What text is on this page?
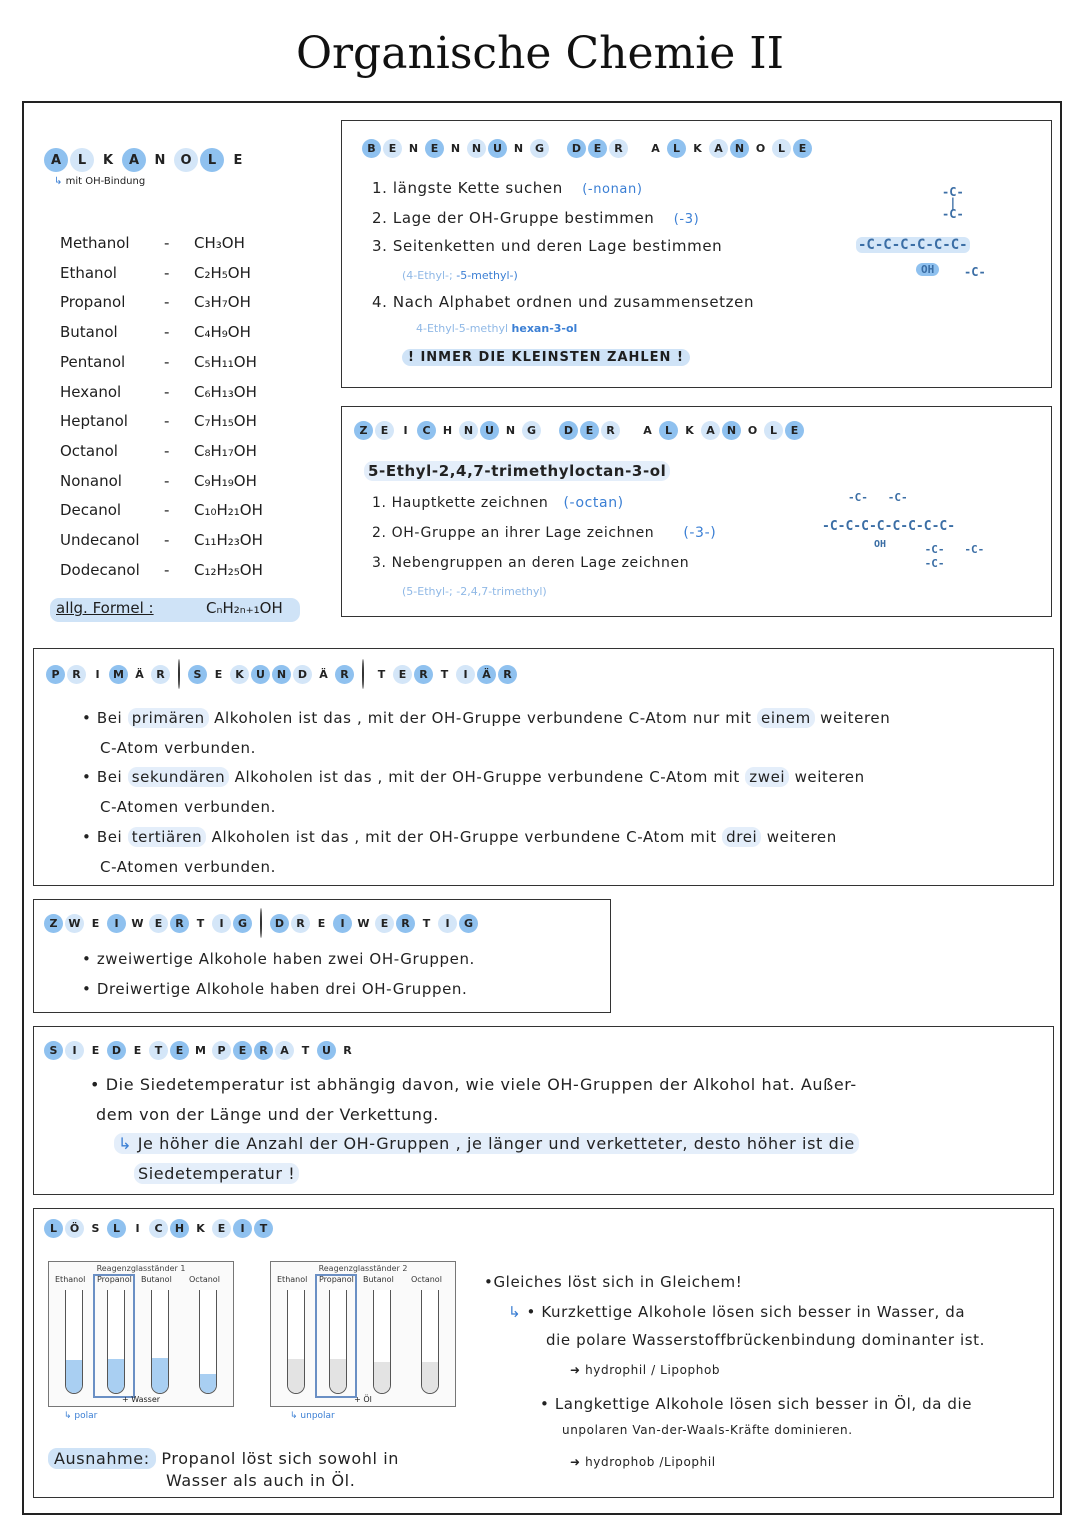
Organische Chemie II
A	L	K	A	N	O	L	E
↳ mit OH-Bindung
Methanol - CH₃OH
Ethanol	- C₂H₅OH
Propanol	- C₃H₇OH
Butanol	- C₄H₉OH
Pentanol	- C₅H₁₁OH
Hexanol	- C₆H₁₃OH
Heptanol - C₇H₁₅OH
Octanol	- C₈H₁₇OH
Nonanol	- C₉H₁₉OH
Decanol	- C₁₀H₂₁OH
Undecanol - C₁₁H₂₃OH
Dodecanol - C₁₂H₂₅OH
allg. Formel :	CₙH₂ₙ₊₁OH
B	E	N	E	N	N	U	N	G	D	E	R	A	L	K	A	N	O	L	E
1. längste Kette suchen (-nonan)
2. Lage der OH-Gruppe bestimmen (-3)
3. Seitenketten und deren Lage bestimmen
(4-Ethyl-; -5-methyl-)
4. Nach Alphabet ordnen und zusammensetzen
4-Ethyl-5-methyl hexan-3-ol
! INMER DIE KLEINSTEN ZAHLEN !
-C-
|
-C-
-C-C-C-C-C-C-
OH	-C-
Z	E	I	C	H	N	U	N	G	D	E	R	A	L	K	A	N	O	L	E
5-Ethyl-2,4,7-trimethyloctan-3-ol
1. Hauptkette zeichnen (-octan)
2. OH-Gruppe an ihrer Lage zeichnen (-3-)
3. Nebengruppen an deren Lage zeichnen
(5-Ethyl-; -2,4,7-trimethyl)
-C-   -C-
-C-C-C-C-C-C-C-C-
OH	-C-   -C-
-C-
P	R	I	M	Ä	R	S	E	K	U	N	D	Ä	R	T	E	R	T	I	Ä	R
• Bei primären Alkoholen ist das , mit der OH-Gruppe verbundene C-Atom nur mit einem weiteren
C-Atom verbunden.
• Bei sekundären Alkoholen ist das , mit der OH-Gruppe verbundene C-Atom mit zwei weiteren
C-Atomen verbunden.
• Bei tertiären Alkoholen ist das , mit der OH-Gruppe verbundene C-Atom mit drei weiteren
C-Atomen verbunden.
Z W	E	I	W	E	R	T	I	G	D	R	E	I	W	E	R	T	I	G
• zweiwertige Alkohole haben zwei OH-Gruppen.
• Dreiwertige Alkohole haben drei OH-Gruppen.
S	I	E	D	E	T	E	M	P	E	R	A	T	U	R
• Die Siedetemperatur ist abhängig davon, wie viele OH-Gruppen der Alkohol hat. Außer-
dem von der Länge und der Verkettung.
↳ Je höher die Anzahl der OH-Gruppen , je länger und verketteter, desto höher ist die
Siedetemperatur !
L	Ö	S	L	I	C	H	K	E	I	T
Reagenzglasständer 1
Ethanol Propanol Butanol Octanol
+ Wasser
↳ polar
Reagenzglasständer 2
Ethanol Propanol Butanol Octanol
+ Öl
↳ unpolar
Ausnahme: Propanol löst sich sowohl in
Wasser als auch in Öl.
•Gleiches löst sich in Gleichem!
↳ • Kurzkettige Alkohole lösen sich besser in Wasser, da
die polare Wasserstoffbrückenbindung dominanter ist.
➜ hydrophil / Lipophob
• Langkettige Alkohole lösen sich besser in Öl, da die
unpolaren Van-der-Waals-Kräfte dominieren.
➜ hydrophob /Lipophil
